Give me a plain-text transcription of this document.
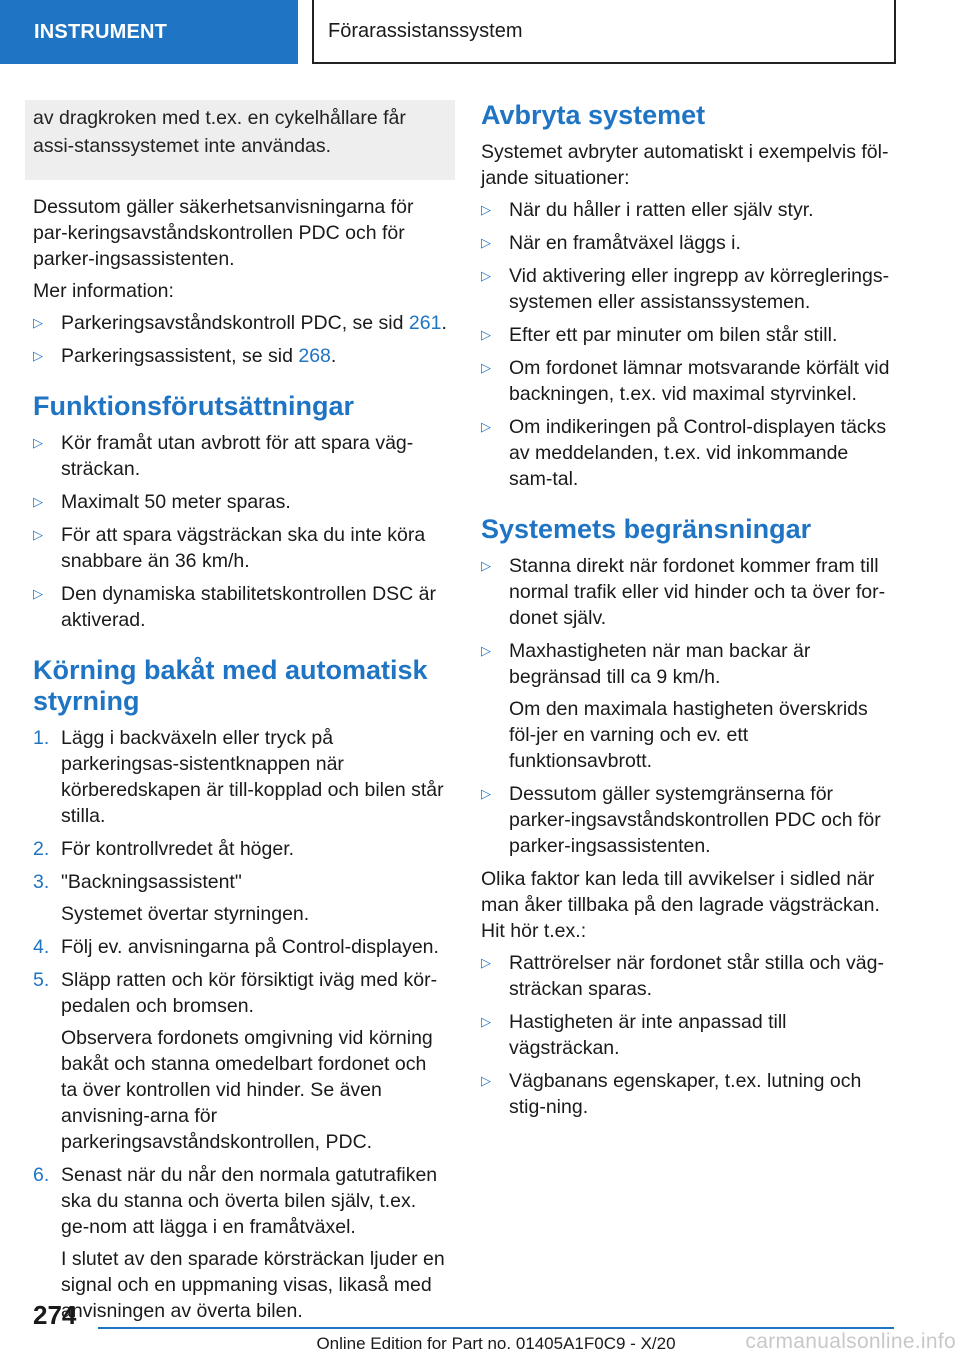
INSTRUMENT	Förarassistanssystem
av dragkroken med t.ex. en cykelhållare får assi-stanssystemet inte användas.

Dessutom gäller säkerhetsanvisningarna för par-keringsavståndskontrollen PDC och för parker-ingsassistenten.

Mer information:

▷ Parkeringsavståndskontroll PDC, se sid 261.
▷ Parkeringsassistent, se sid 268.
Funktionsförutsättningar
▷ Kör framåt utan avbrott för att spara väg-sträckan.
▷ Maximalt 50 meter sparas.
▷ För att spara vägsträckan ska du inte köra snabbare än 36 km/h.
▷ Den dynamiska stabilitetskontrollen DSC är aktiverad.
Körning bakåt med automatisk styrning
1. Lägg i backväxeln eller tryck på parkeringsas-sistentknappen när körberedskapen är till-kopplad och bilen står stilla.
2. För kontrollvredet åt höger.
3. "Backningsassistent"
Systemet övertar styrningen.
4. Följ ev. anvisningarna på Control-displayen.
5. Släpp ratten och kör försiktigt iväg med kör-pedalen och bromsen.
Observera fordonets omgivning vid körning bakåt och stanna omedelbart fordonet och ta över kontrollen vid hinder. Se även anvisning-arna för parkeringsavståndskontrollen, PDC.
6. Senast när du når den normala gatutrafiken ska du stanna och överta bilen själv, t.ex. ge-nom att lägga i en framåtväxel.
I slutet av den sparade körsträckan ljuder en signal och en uppmaning visas, likaså med anvisningen av överta bilen.
Avbryta systemet

Systemet avbryter automatiskt i exempelvis föl-jande situationer:

▷ När du håller i ratten eller själv styr.
▷ När en framåtväxel läggs i.
▷ Vid aktivering eller ingrepp av körreglerings-systemen eller assistanssystemen.
▷ Efter ett par minuter om bilen står still.
▷ Om fordonet lämnar motsvarande körfält vid backningen, t.ex. vid maximal styrvinkel.
▷ Om indikeringen på Control-displayen täcks av meddelanden, t.ex. vid inkommande sam-tal.
Systemets begränsningar
▷ Stanna direkt när fordonet kommer fram till normal trafik eller vid hinder och ta över for-donet själv.
▷ Maxhastigheten när man backar är begränsad till ca 9 km/h.
Om den maximala hastigheten överskrids föl-jer en varning och ev. ett funktionsavbrott.
▷ Dessutom gäller systemgränserna för parker-ingsavståndskontrollen PDC och för parker-ingsassistenten.

Olika faktor kan leda till avvikelser i sidled när man åker tillbaka på den lagrade vägsträckan. Hit hör t.ex.:

▷ Rattrörelser när fordonet står stilla och väg-sträckan sparas.
▷ Hastigheten är inte anpassad till vägsträckan.
▷ Vägbanans egenskaper, t.ex. lutning och stig-ning.
274
Online Edition for Part no. 01405A1F0C9 - X/20	carmanualsonline.info
